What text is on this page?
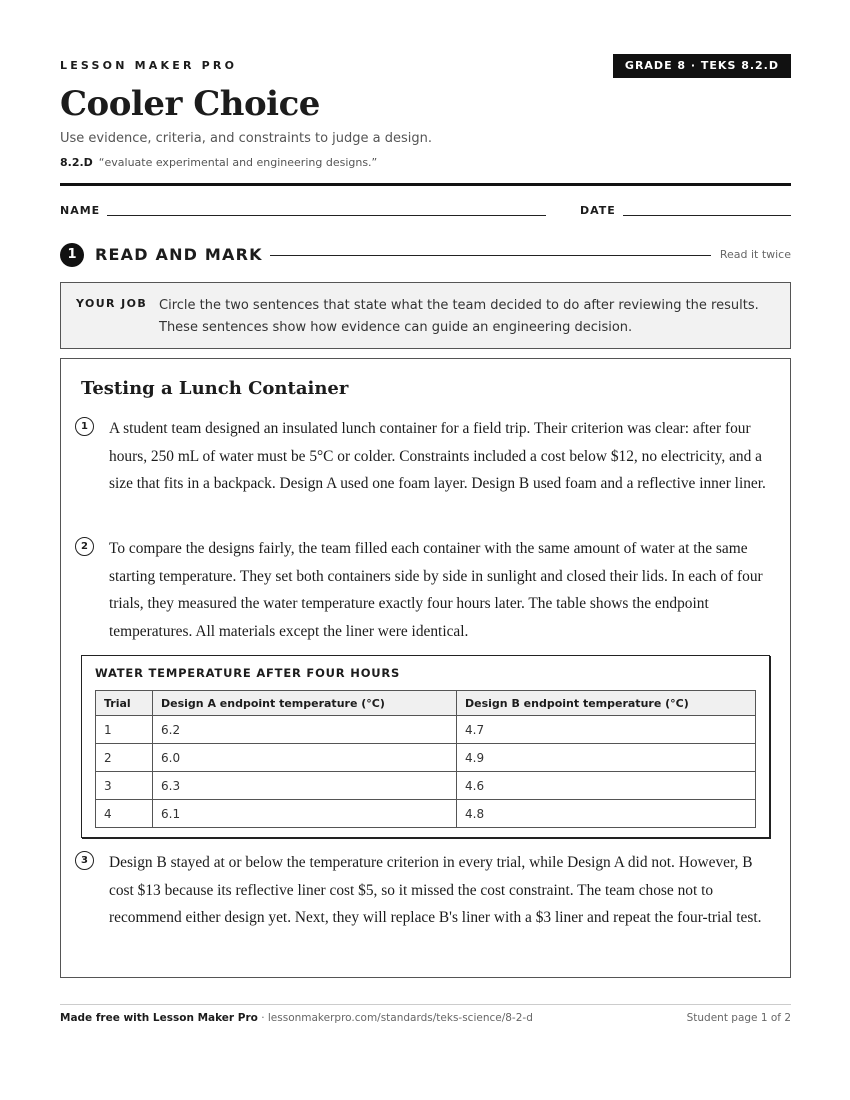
LESSON MAKER PRO	GRADE 8 · TEKS 8.2.D
Cooler Choice
Use evidence, criteria, and constraints to judge a design.
8.2.D “evaluate experimental and engineering designs.”
NAME	DATE
1	READ AND MARK	Read it twice
YOUR JOB Circle the two sentences that state what the team decided to do after reviewing the results. These sentences show how evidence can guide an engineering decision.
Testing a Lunch Container
1	A student team designed an insulated lunch container for a field trip. Their criterion was clear: after four hours, 250 mL of water must be 5°C or colder. Constraints included a cost below $12, no electricity, and a size that fits in a backpack. Design A used one foam layer. Design B used foam and a reflective inner liner.

2	To compare the designs fairly, the team filled each container with the same amount of water at the same starting temperature. They set both containers side by side in sunlight and closed their lids. In each of four trials, they measured the water temperature exactly four hours later. The table shows the endpoint temperatures. All materials except the liner were identical.

WATER TEMPERATURE AFTER FOUR HOURS
Trial	Design A endpoint temperature (°C)	Design B endpoint temperature (°C)
1	6.2	4.7
2	6.0	4.9
3	6.3	4.6
4	6.1	4.8
3	Design B stayed at or below the temperature criterion in every trial, while Design A did not. However, B cost $13 because its reflective liner cost $5, so it missed the cost constraint. The team chose not to recommend either design yet. Next, they will replace B's liner with a $3 liner and repeat the four-trial test.

Made free with Lesson Maker Pro · lessonmakerpro.com/standards/teks-science/8-2-d	Student page 1 of 2
